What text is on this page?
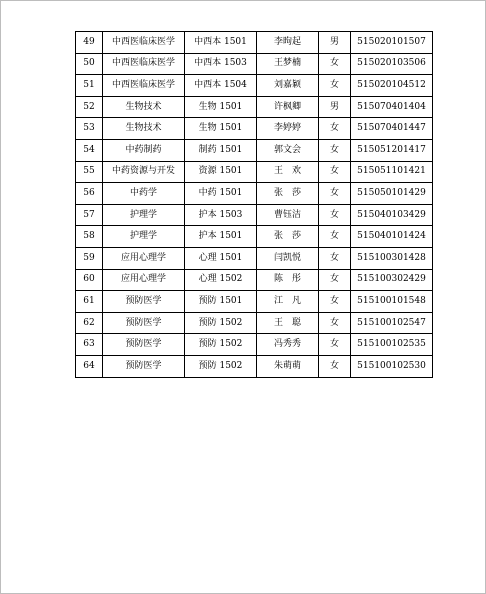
49	中西医临床医学	中西本 1501	李昫起	男	515020101507
50	中西医临床医学	中西本 1503	王梦楠	女	515020103506
51	中西医临床医学	中西本 1504	刘嘉颖	女	515020104512
52	生物技术	生物 1501	许枫卿	男	515070401404
53	生物技术	生物 1501	李婷婷	女	515070401447
54	中药制药	制药 1501	郭文会	女	515051201417
55	中药资源与开发	资源 1501	王　欢	女	515051101421
56	中药学	中药 1501	张　莎	女	515050101429
57	护理学	护本 1503	曹钰洁	女	515040103429
58	护理学	护本 1501	张　莎	女	515040101424
59	应用心理学	心理 1501	闫凯悦	女	515100301428
60	应用心理学	心理 1502	陈　彤	女	515100302429
61	预防医学	预防 1501	江　凡	女	515100101548
62	预防医学	预防 1502	王　聪	女	515100102547
63	预防医学	预防 1502	冯秀秀	女	515100102535
64	预防医学	预防 1502	朱萌萌	女	515100102530
